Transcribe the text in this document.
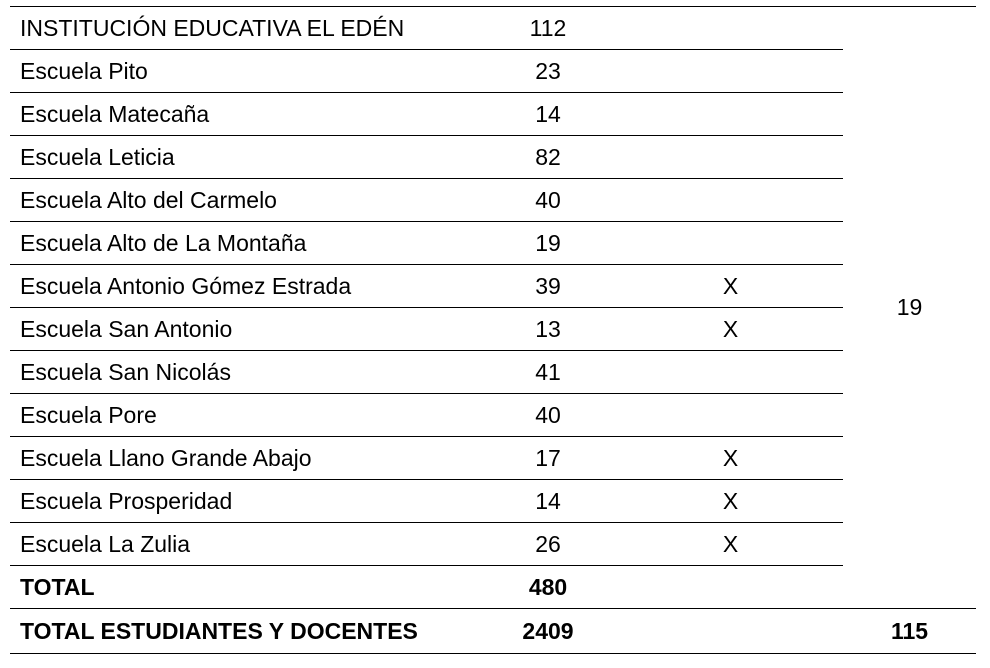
INSTITUCIÓN EDUCATIVA EL EDÉN	112		19
Escuela Pito	23		
Escuela Matecaña	14		
Escuela Leticia	82		
Escuela Alto del Carmelo	40		
Escuela Alto de La Montaña	19		
Escuela Antonio Gómez Estrada	39	X	
Escuela San Antonio	13	X	
Escuela San Nicolás	41		
Escuela Pore	40		
Escuela Llano Grande Abajo	17	X	
Escuela Prosperidad	14	X	
Escuela La Zulia	26	X	
TOTAL	480		
TOTAL ESTUDIANTES Y DOCENTES	2409		115
